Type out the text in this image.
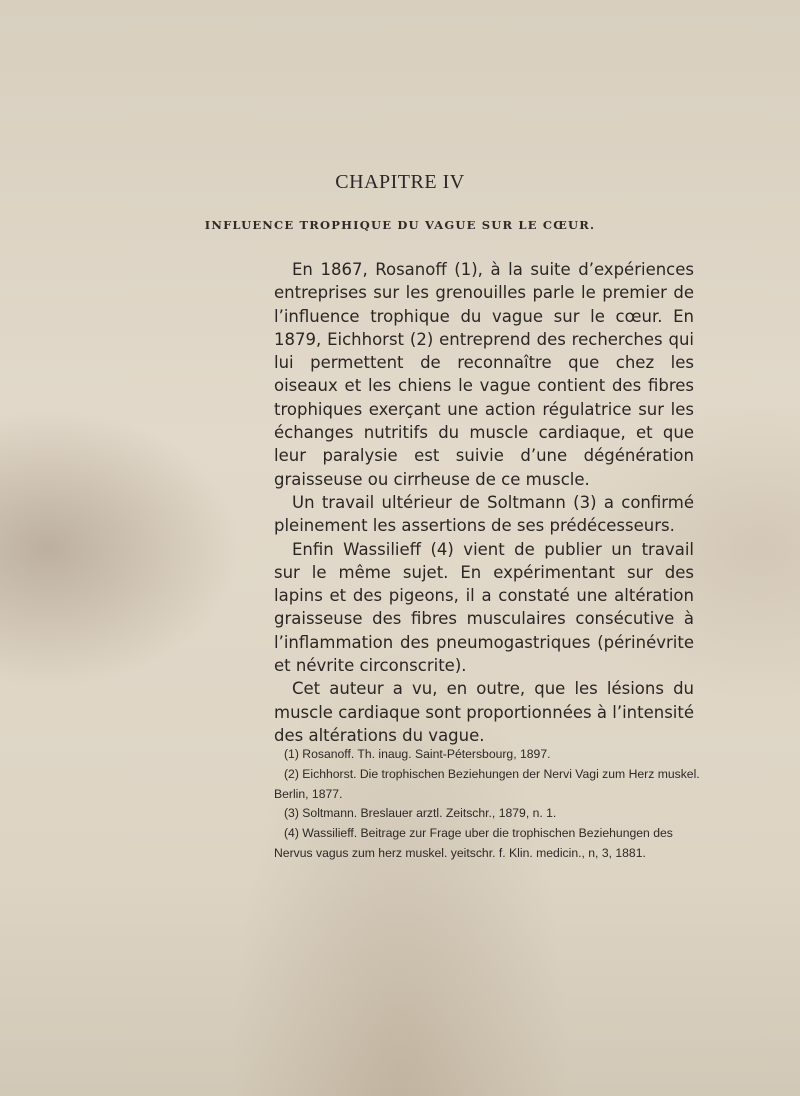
CHAPITRE IV
INFLUENCE TROPHIQUE DU VAGUE SUR LE CŒUR.

En 1867, Rosanoff (1), à la suite d’expériences entreprises sur les grenouilles parle le premier de l’influence trophique du vague sur le cœur. En 1879, Eichhorst (2) entreprend des recherches qui lui permettent de reconnaître que chez les oiseaux et les chiens le vague contient des fibres trophiques exerçant une action régulatrice sur les échanges nutritifs du muscle cardiaque, et que leur paralysie est suivie d’une dégénération graisseuse ou cirrheuse de ce muscle.

Un travail ultérieur de Soltmann (3) a confirmé pleinement les assertions de ses prédécesseurs.

Enfin Wassilieff (4) vient de publier un travail sur le même sujet. En expérimentant sur des lapins et des pigeons, il a constaté une altération graisseuse des fibres musculaires consécutive à l’inflammation des pneumogastriques (périnévrite et névrite circonscrite).

Cet auteur a vu, en outre, que les lésions du muscle cardiaque sont proportionnées à l’intensité des altérations du vague.

(1) Rosanoff. Th. inaug. Saint-Pétersbourg, 1897.

(2) Eichhorst. Die trophischen Beziehungen der Nervi Vagi zum Herz muskel. Berlin, 1877.

(3) Soltmann. Breslauer arztl. Zeitschr., 1879, n. 1.

(4) Wassilieff. Beitrage zur Frage uber die trophischen Beziehungen des Nervus vagus zum herz muskel. yeitschr. f. Klin. medicin., n, 3, 1881.
